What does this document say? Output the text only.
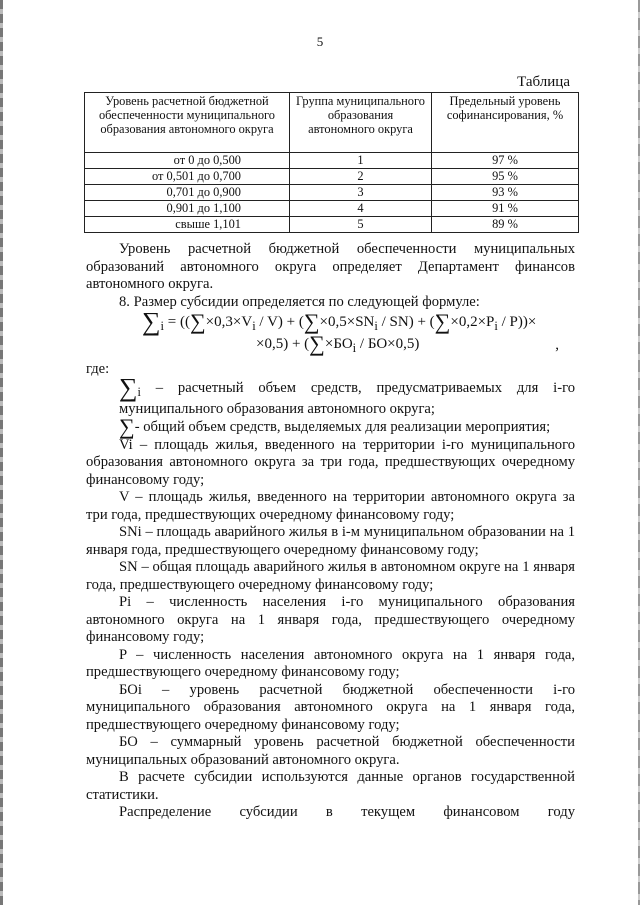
5
Таблица
Уровень расчетной бюджетной обеспеченности муниципального образования автономного округа	Группа муниципального образования автономного округа	Предельный уровень софинансирования, %
от 0 до 0,500	1	97 %
от 0,501 до 0,700	2	95 %
0,701 до 0,900	3	93 %
0,901 до 1,100	4	91 %
свыше 1,101	5	89 %

Уровень расчетной бюджетной обеспеченности муниципальных образований автономного округа определяет Департамент финансов автономного округа.

8. Размер субсидии определяется по следующей формуле:

$\sum_i = ((\sum\times 0,3\times V_i / V) + (\sum\times 0,5\times SN_i / SN) + (\sum\times 0,2\times P_i / P))\times$
$\times 0,5) + (\sum\times БО_i / БО\times 0,5)$	,

где:

$\sum_i$ – расчетный объем средств, предусматриваемых для i-го муниципального образования автономного округа;

∑- общий объем средств, выделяемых для реализации мероприятия;

Vi – площадь жилья, введенного на территории i-го муниципального образования автономного округа за три года, предшествующих очередному финансовому году;

V – площадь жилья, введенного на территории автономного округа за три года, предшествующих очередному финансовому году;

SNi – площадь аварийного жилья в i-м муниципальном образовании на 1 января года, предшествующего очередному финансовому году;

SN – общая площадь аварийного жилья в автономном округе на 1 января года, предшествующего очередному финансовому году;

Pi – численность населения i-го муниципального образования автономного округа на 1 января года, предшествующего очередному финансовому году;

P – численность населения автономного округа на 1 января года, предшествующего очередному финансовому году;

БОi – уровень расчетной бюджетной обеспеченности i-го муниципального образования автономного округа на 1 января года, предшествующего очередному финансовому году;

БО – суммарный уровень расчетной бюджетной обеспеченности муниципальных образований автономного округа.

В расчете субсидии используются данные органов государственной статистики.

Распределение субсидии в текущем финансовом году
